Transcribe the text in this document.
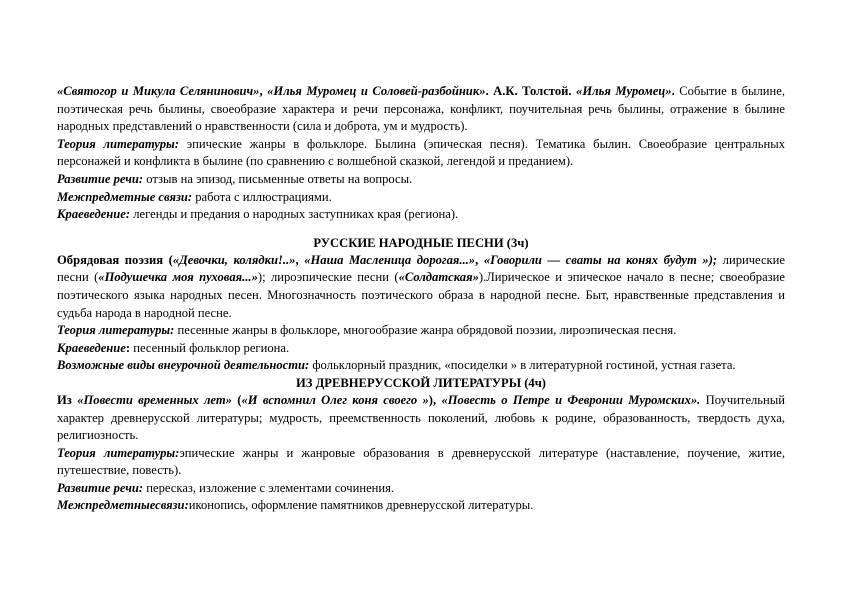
«Святогор и Микула Селянинович», «Илья Муромец и Соловей-разбойник». А.К. Толстой. «Илья Муромец». Событие в былине, поэтическая речь былины, своеобразие характера и речи персонажа, конфликт, поучительная речь былины, отражение в былине народных представлений о нравственности (сила и доброта, ум и мудрость).

Теория литературы: эпические жанры в фольклоре. Былина (эпическая песня). Тематика былин. Своеобразие центральных персонажей и конфликта в былине (по сравнению с волшебной сказкой, легендой и преданием).

Развитие речи: отзыв на эпизод, письменные ответы на вопросы.

Межпредметные связи: работа с иллюстрациями.

Краеведение: легенды и предания о народных заступниках края (региона).

РУССКИЕ НАРОДНЫЕ ПЕСНИ (3ч)

Обрядовая поэзия («Девочки, колядки!..», «Наша Масленица дорогая...», «Говорили — сваты на конях будут »); лирические песни («Подушечка моя пуховая...»); лироэпические песни («Солдатская»).Лирическое и эпическое начало в песне; своеобразие поэтического языка народных песен. Многозначность поэтического образа в народной песне. Быт, нравственные представления и судьба народа в народной песне.

Теория литературы: песенные жанры в фольклоре, многообразие жанра обрядовой поэзии, лироэпическая песня.

Краеведение: песенный фольклор региона.

Возможные виды внеурочной деятельности: фольклорный праздник, «посиделки » в литературной гостиной, устная газета.

ИЗ ДРЕВНЕРУССКОЙ ЛИТЕРАТУРЫ (4ч)

Из «Повести временных лет» («И вспомнил Олег коня своего »), «Повесть о Петре и Февронии Муромских». Поучительный характер древнерусской литературы; мудрость, преемственность поколений, любовь к родине, образованность, твердость духа, религиозность.

Теория литературы:эпические жанры и жанровые образования в древнерусской литературе (наставление, поучение, житие, путешествие, повесть).

Развитие речи: пересказ, изложение с элементами сочинения.

Межпредметныесвязи:иконопись, оформление памятников древнерусской литературы.
